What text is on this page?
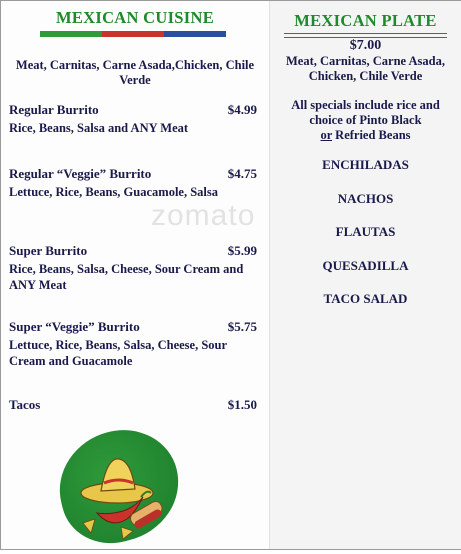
MEXICAN CUISINE
Meat, Carnitas, Carne Asada,Chicken, Chile Verde
Regular Burrito	$4.99
Rice, Beans, Salsa and ANY Meat
Regular “Veggie” Burrito	$4.75
Lettuce, Rice, Beans, Guacamole, Salsa
Super Burrito	$5.99
Rice, Beans, Salsa, Cheese, Sour Cream and ANY Meat
Super “Veggie” Burrito	$5.75
Lettuce, Rice, Beans, Salsa, Cheese, Sour Cream and Guacamole
Tacos	$1.50
MEXICAN PLATE
$7.00
Meat, Carnitas, Carne Asada, Chicken, Chile Verde
All specials include rice and choice of Pinto Black
or Refried Beans
ENCHILADAS
NACHOS
FLAUTAS
QUESADILLA
TACO SALAD
zomato
